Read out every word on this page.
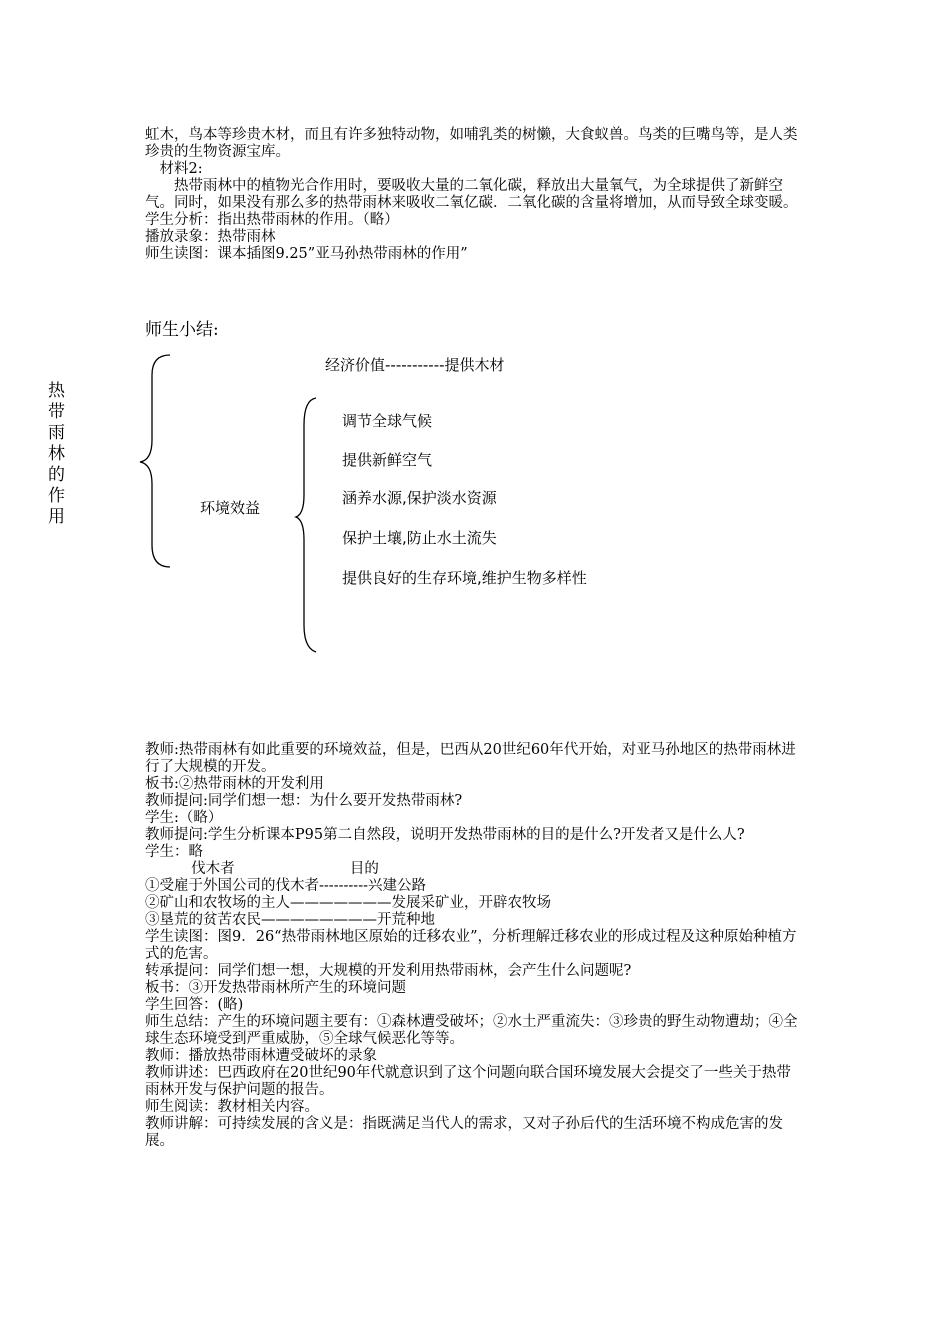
虹木，鸟本等珍贵木材，而且有许多独特动物，如哺乳类的树懒，大食蚁兽。鸟类的巨嘴鸟等，是人类珍贵的生物资源宝库。

　材料2:

热带雨林中的植物光合作用时，要吸收大量的二氧化碳，释放出大量氧气，为全球提供了新鲜空气。同时，如果没有那么多的热带雨林来吸收二氧亿碳．二氧化碳的含量将增加，从而导致全球变暖。

学生分析：指出热带雨林的作用。（略）

播放录象：热带雨林

师生读图：课本插图9.25”亚马孙热带雨林的作用”

师生小结:
热带雨林的作用
经济价值-----------提供木材
环境效益
调节全球气候
提供新鲜空气
涵养水源,保护淡水资源
保护土壤,防止水土流失
提供良好的生存环境,维护生物多样性

教师:热带雨林有如此重要的环境效益，但是，巴西从20世纪60年代开始，对亚马孙地区的热带雨林进行了大规模的开发。

板书:②热带雨林的开发利用

教师提问:同学们想一想：为什么要开发热带雨林?

学生:（略）

教师提问:学生分析课本P95第二自然段，说明开发热带雨林的目的是什么?开发者又是什么人?

学生：略

伐木者                         目的

①受雇于外国公司的伐木者----------兴建公路

②矿山和农牧场的主人———————发展采矿业，开辟农牧场

③垦荒的贫苦农民————————开荒种地

学生读图：图9．26“热带雨林地区原始的迁移农业”，分析理解迁移农业的形成过程及这种原始种植方式的危害。

转承提问：同学们想一想，大规模的开发利用热带雨林，会产生什么问题呢?

板书：③开发热带雨林所产生的环境问题

学生回答：(略)

师生总结：产生的环境问题主要有：①森林遭受破坏；②水土严重流失：③珍贵的野生动物遭劫；④全球生态环境受到严重威胁，⑤全球气候恶化等等。

教师：播放热带雨林遭受破坏的录象

教师讲述：巴西政府在20世纪90年代就意识到了这个问题向联合国环境发展大会提交了一些关于热带雨林开发与保护问题的报告。

师生阅读：教材相关内容。

教师讲解：可持续发展的含义是：指既满足当代人的需求，又对子孙后代的生活环境不构成危害的发展。
